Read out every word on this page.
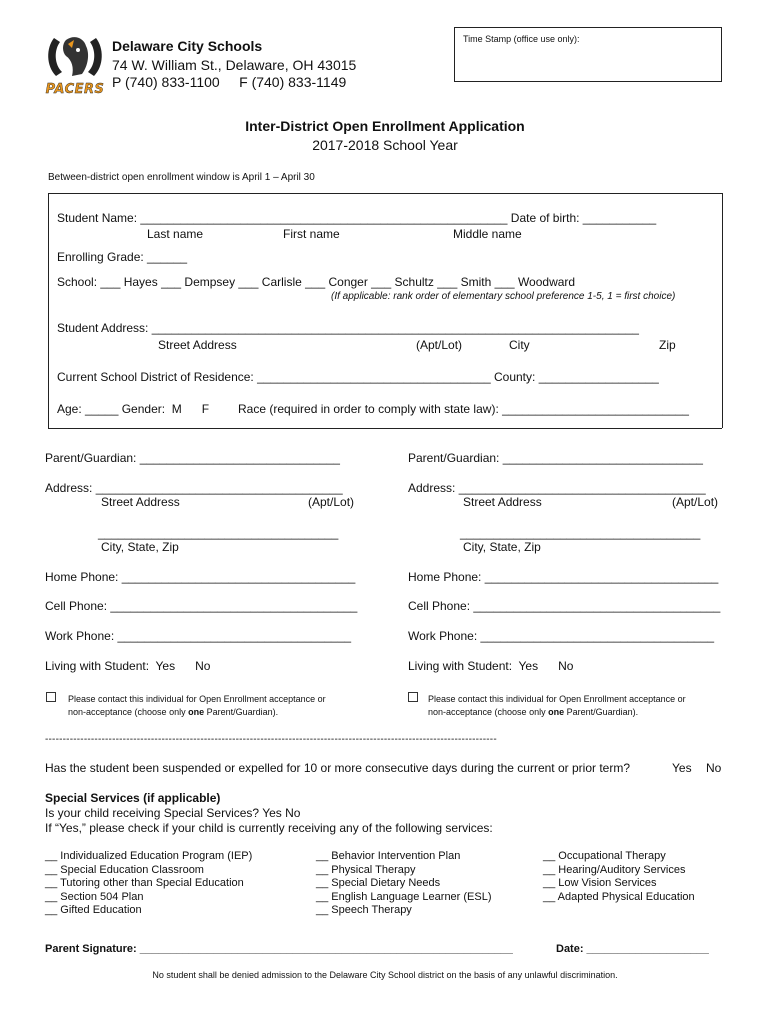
PACERS
Delaware City Schools
74 W. William St., Delaware, OH 43015
P (740) 833-1100     F (740) 833-1149
Time Stamp (office use only):
Inter-District Open Enrollment Application
2017-2018 School Year
Between-district open enrollment window is April 1 – April 30
Student Name: _______________________________________________________ Date of birth: ___________
Last name	First name	Middle name
Enrolling Grade: ______
School: ___ Hayes ___ Dempsey ___ Carlisle ___ Conger ___ Schultz ___ Smith ___ Woodward
(If applicable: rank order of elementary school preference 1-5, 1 = first choice)
Student Address: _________________________________________________________________________
Street Address	(Apt/Lot)	City	Zip
Current School District of Residence: ___________________________________ County: __________________
Age: _____ Gender:  M      F Race (required in order to comply with state law): ____________________________
Parent/Guardian: ______________________________
Address: _____________________________________
Street Address	(Apt/Lot)
____________________________________
City, State, Zip
Home Phone: ___________________________________
Cell Phone: _____________________________________
Work Phone: ___________________________________
Living with Student:  Yes      No
Please contact this individual for Open Enrollment acceptance or
non-acceptance (choose only one Parent/Guardian).
Parent/Guardian: ______________________________
Address: _____________________________________
Street Address	(Apt/Lot)
____________________________________
City, State, Zip
Home Phone: ___________________________________
Cell Phone: _____________________________________
Work Phone: ___________________________________
Living with Student:  Yes      No
Please contact this individual for Open Enrollment acceptance or
non-acceptance (choose only one Parent/Guardian).
--------------------------------------------------------------------------------------------------------------------------------
Has the student been suspended or expelled for 10 or more consecutive days during the current or prior term?	Yes No
Special Services (if applicable)
Is your child receiving Special Services? Yes No
If “Yes,” please check if your child is currently receiving any of the following services:
__ Individualized Education Program (IEP)
__ Special Education Classroom
__ Tutoring other than Special Education
__ Section 504 Plan
__ Gifted Education
__ Behavior Intervention Plan
__ Physical Therapy
__ Special Dietary Needs
__ English Language Learner (ESL)
__ Speech Therapy
__ Occupational Therapy
__ Hearing/Auditory Services
__ Low Vision Services
__ Adapted Physical Education
Parent Signature: _____________________________________________________________	Date: ____________________
No student shall be denied admission to the Delaware City School district on the basis of any unlawful discrimination.
